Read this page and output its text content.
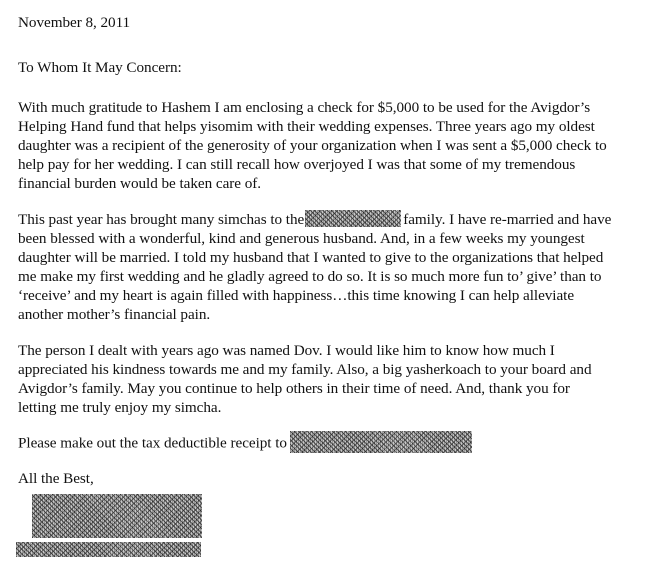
November 8, 2011
To Whom It May Concern:
With much gratitude to Hashem I am enclosing a check for $5,000 to be used for the Avigdor’s
Helping Hand fund that helps yisomim with their wedding expenses. Three years ago my oldest
daughter was a recipient of the generosity of your organization when I was sent a $5,000 check to
help pay for her wedding. I can still recall how overjoyed I was that some of my tremendous
financial burden would be taken care of.
This past year has brought many simchas to the	family. I have re-married and have
been blessed with a wonderful, kind and generous husband. And, in a few weeks my youngest
daughter will be married. I told my husband that I wanted to give to the organizations that helped
me make my first wedding and he gladly agreed to do so. It is so much more fun to’ give’ than to
‘receive’ and my heart is again filled with happiness…this time knowing I can help alleviate
another mother’s financial pain.
The person I dealt with years ago was named Dov. I would like him to know how much I
appreciated his kindness towards me and my family. Also, a big yasherkoach to your board and
Avigdor’s family. May you continue to help others in their time of need. And, thank you for
letting me truly enjoy my simcha.
Please make out the tax deductible receipt to
All the Best,
